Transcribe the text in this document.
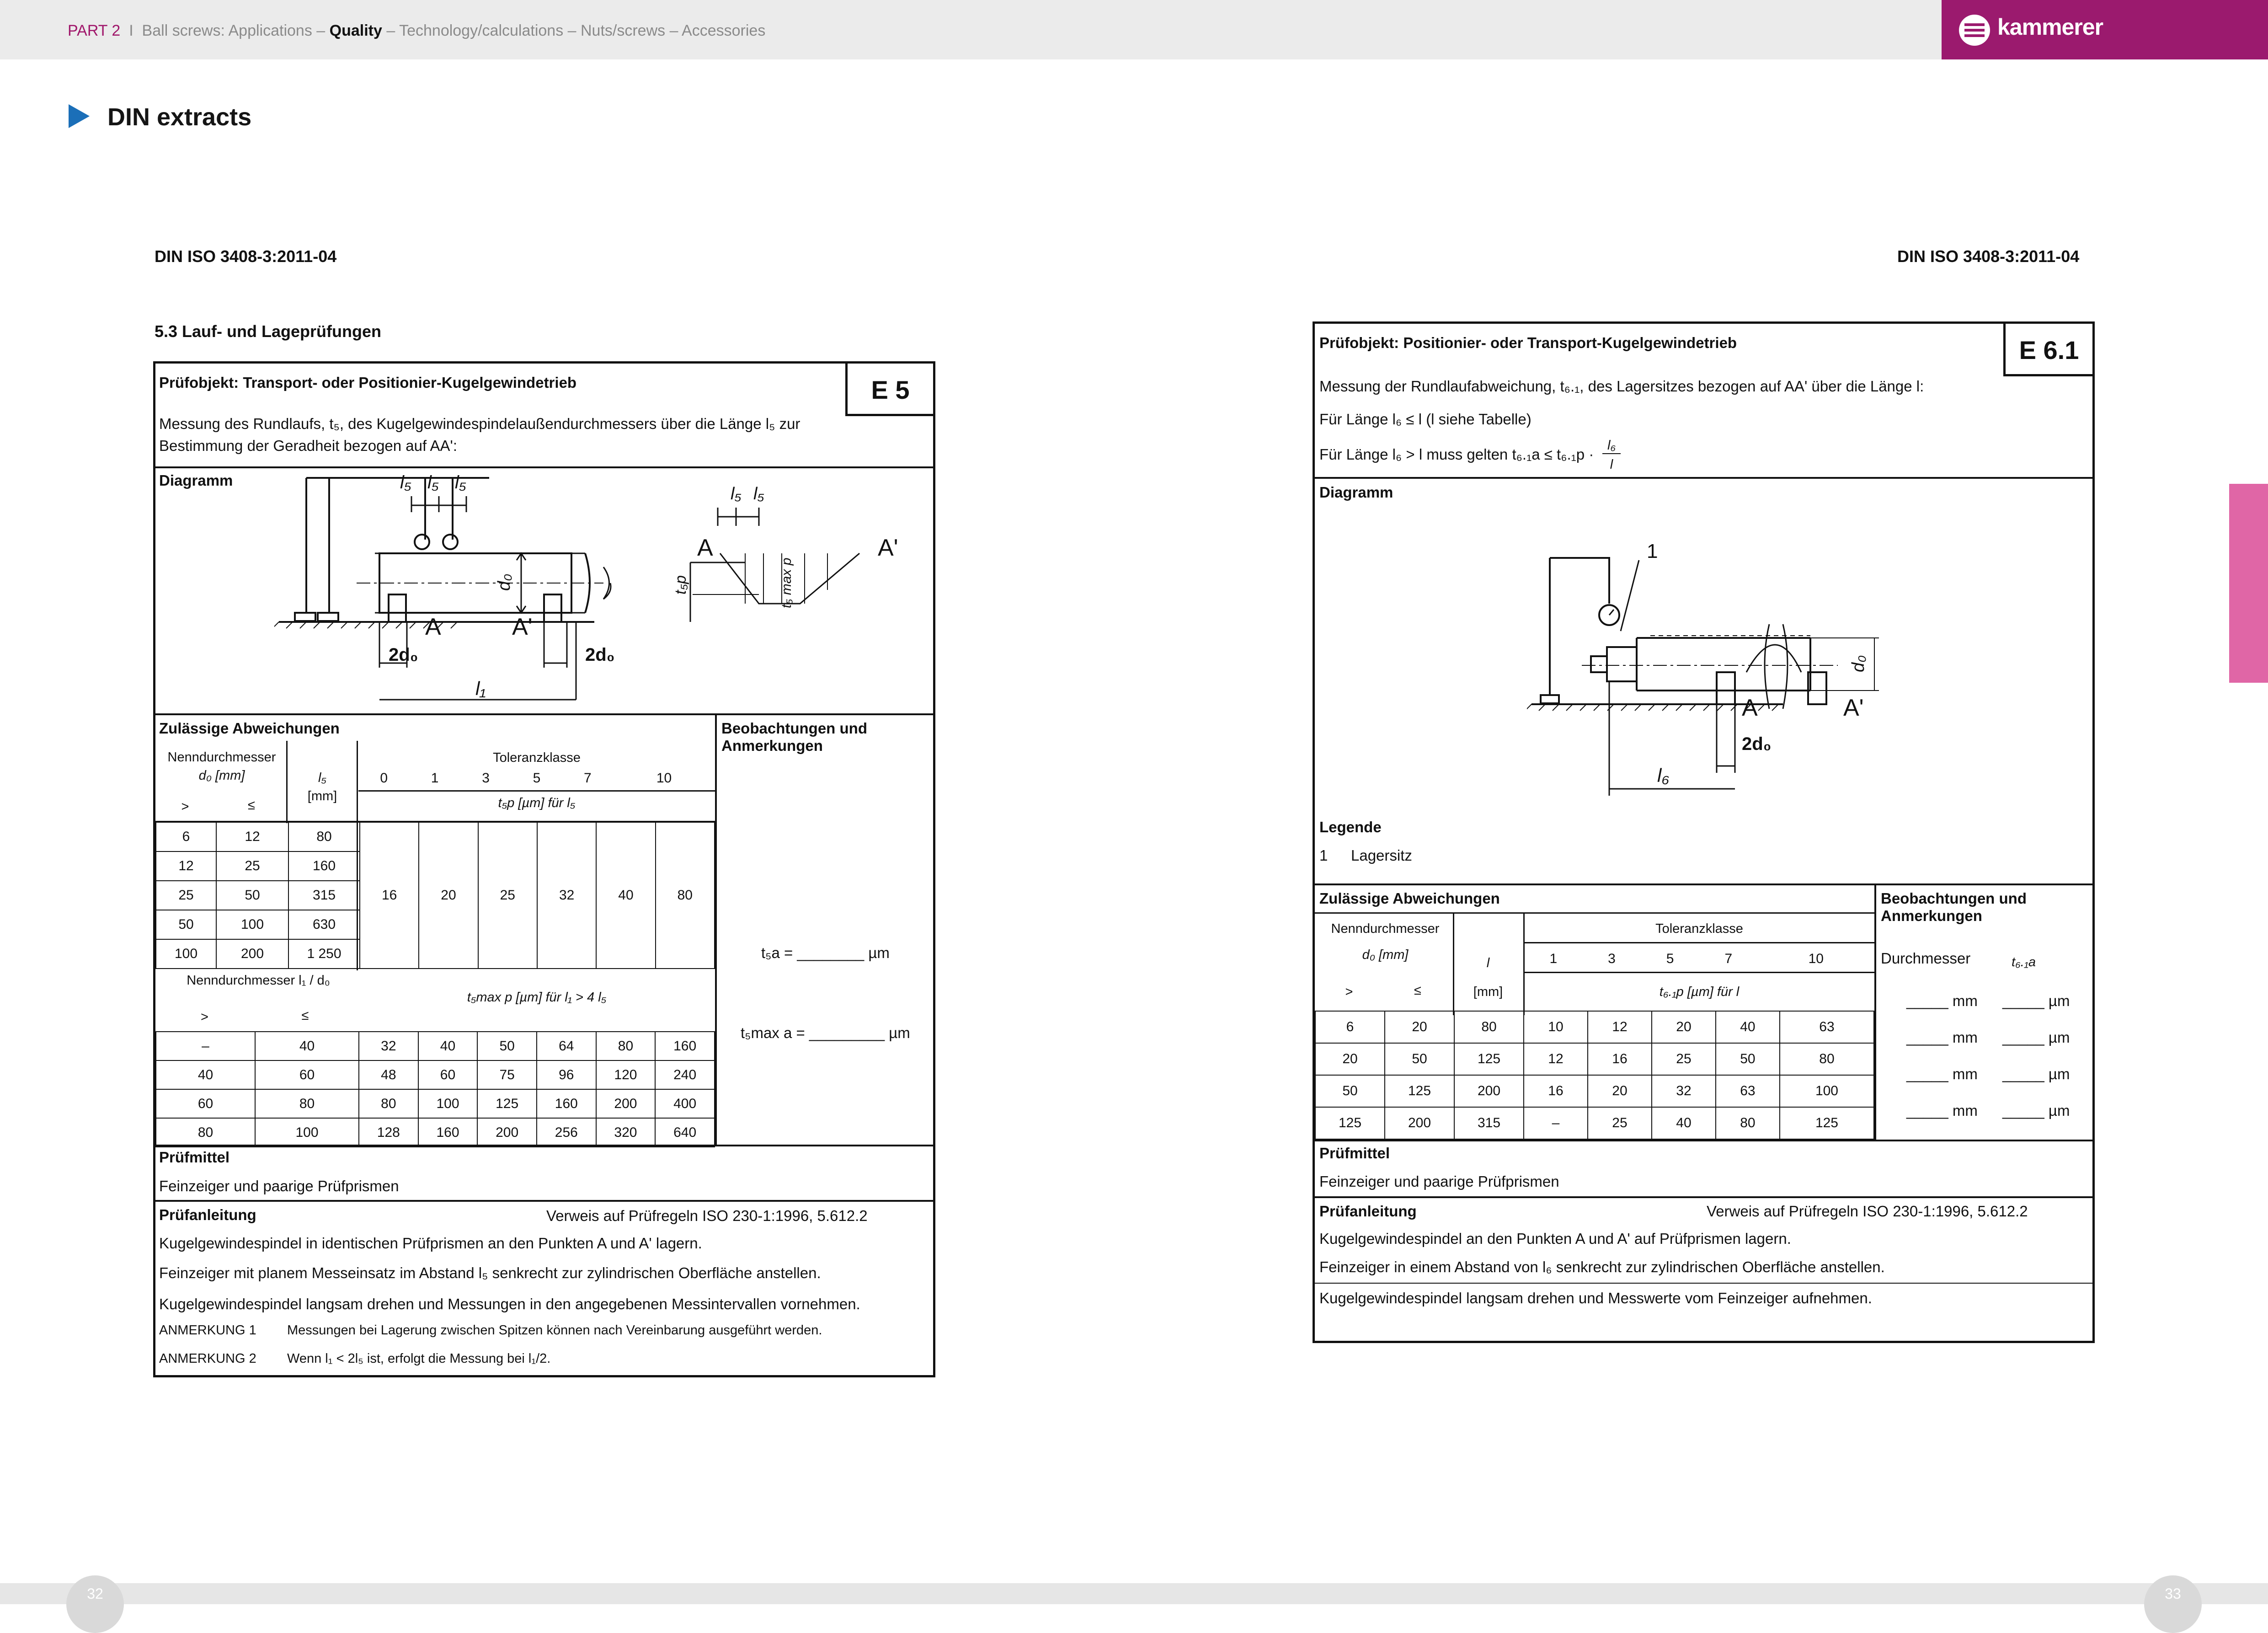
PART 2 I Ball screws: Applications – Quality – Technology/calculations – Nuts/screws – Accessories	kammerer
DIN extracts
DIN ISO 3408-3:2011-04
5.3 Lauf- und Lageprüfungen
E 5
Prüfobjekt: Transport- oder Positionier-Kugelgewindetrieb
Messung des Rundlaufs, t₅, des Kugelgewindespindelaußendurchmessers über die Länge l₅ zur
Bestimmung der Geradheit bezogen auf AA':
Diagramm	l₅ l₅ l₅
A	A'
d₀
2d₀	2d₀
l₁
A	A'
l₅ l₅
t₅p	t₅ max p
Zulässige Abweichungen	Beobachtungen und Anmerkungen
Nenndurchmesser
d₀ [mm]
>	≤
l₅
[mm]
Toleranzklasse
t₅p [µm] für l₅
0	1	3	5	7	10
6	12	80	16	20	25	32	40	80
12	25	160						
25	50	315						
50	100	630						
100	200	1 250						
Nenndurchmesser l₁ / d₀
>	≤
t₅max p [µm] für l₁ > 4 l₅
–	40	32	40	50	64	80	160
40	60	48	60	75	96	120	240
60	80	80	100	125	160	200	400
80	100	128	160	200	256	320	640
t₅a = ________ µm
t₅max a = _________ µm
Prüfmittel
Feinzeiger und paarige Prüfprismen
Prüfanleitung	Verweis auf Prüfregeln ISO 230-1:1996, 5.612.2
Kugelgewindespindel in identischen Prüfprismen an den Punkten A und A' lagern.
Feinzeiger mit planem Messeinsatz im Abstand l₅ senkrecht zur zylindrischen Oberfläche anstellen.
Kugelgewindespindel langsam drehen und Messungen in den angegebenen Messintervallen vornehmen.
ANMERKUNG 1 Messungen bei Lagerung zwischen Spitzen können nach Vereinbarung ausgeführt werden.
ANMERKUNG 2 Wenn l₁ < 2l₅ ist, erfolgt die Messung bei l₁/2.
DIN ISO 3408-3:2011-04
E 6.1
Prüfobjekt: Positionier- oder Transport-Kugelgewindetrieb
Messung der Rundlaufabweichung, t₆.₁, des Lagersitzes bezogen auf AA' über die Länge l:
Für Länge l₆ ≤ l (l siehe Tabelle)
Für Länge l₆ > l muss gelten t₆.₁a ≤ t₆.₁p ·
l₆
l
Diagramm
1
A	A'
d₀
2d₀
l₆
Legende
1 Lagersitz
Zulässige Abweichungen	Beobachtungen und Anmerkungen
Nenndurchmesser
d₀ [mm]
>	≤
l
[mm]
Toleranzklasse
t₆.₁p [µm] für l
1	3	5	7	10
6	20	80	10	12	20	40	63
20	50	125	12	16	25	50	80
50	125	200	16	20	32	63	100
125	200	315	–	25	40	80	125
Durchmesser	t₆.₁a
_____ mm _____ µm
_____ mm _____ µm
_____ mm _____ µm
_____ mm _____ µm
Prüfmittel
Feinzeiger und paarige Prüfprismen
Prüfanleitung	Verweis auf Prüfregeln ISO 230-1:1996, 5.612.2
Kugelgewindespindel an den Punkten A und A' auf Prüfprismen lagern.
Feinzeiger in einem Abstand von l₆ senkrecht zur zylindrischen Oberfläche anstellen.
Kugelgewindespindel langsam drehen und Messwerte vom Feinzeiger aufnehmen.
32	33
